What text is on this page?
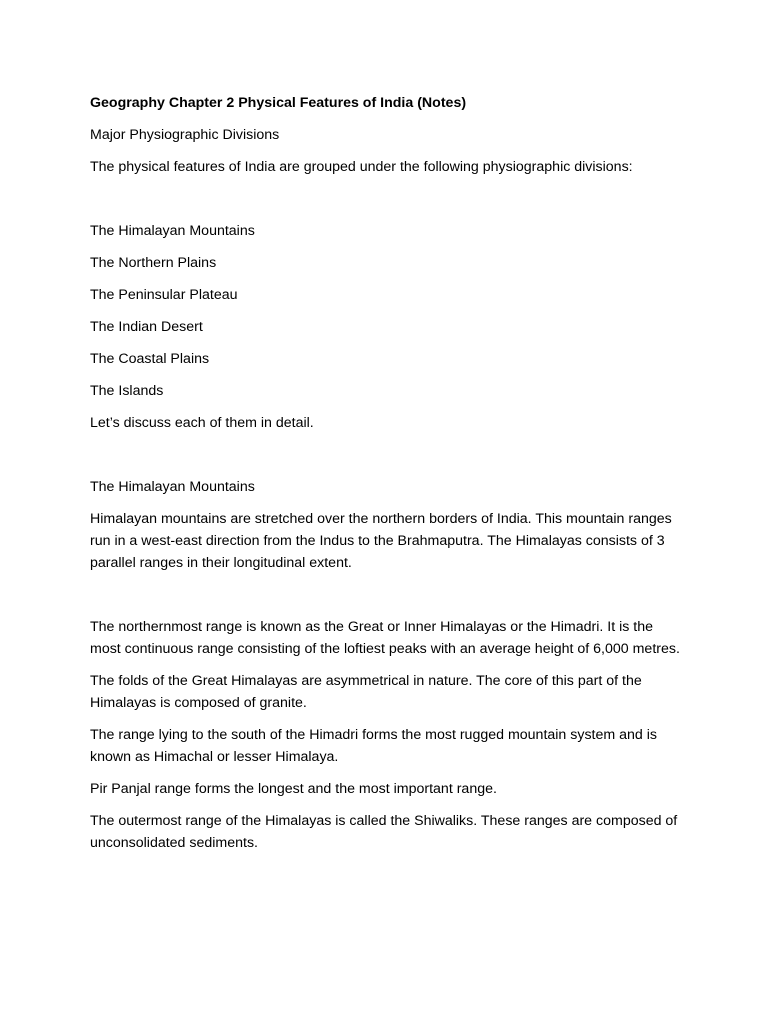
Geography Chapter 2 Physical Features of India (Notes)

Major Physiographic Divisions

The physical features of India are grouped under the following physiographic divisions:

The Himalayan Mountains

The Northern Plains

The Peninsular Plateau

The Indian Desert

The Coastal Plains

The Islands

Let’s discuss each of them in detail.

The Himalayan Mountains

Himalayan mountains are stretched over the northern borders of India. This mountain ranges run in a west-east direction from the Indus to the Brahmaputra. The Himalayas consists of 3 parallel ranges in their longitudinal extent.

The northernmost range is known as the Great or Inner Himalayas or the Himadri. It is the most continuous range consisting of the loftiest peaks with an average height of 6,000 metres.

The folds of the Great Himalayas are asymmetrical in nature. The core of this part of the Himalayas is composed of granite.

The range lying to the south of the Himadri forms the most rugged mountain system and is known as Himachal or lesser Himalaya.

Pir Panjal range forms the longest and the most important range.

The outermost range of the Himalayas is called the Shiwaliks. These ranges are composed of unconsolidated sediments.
